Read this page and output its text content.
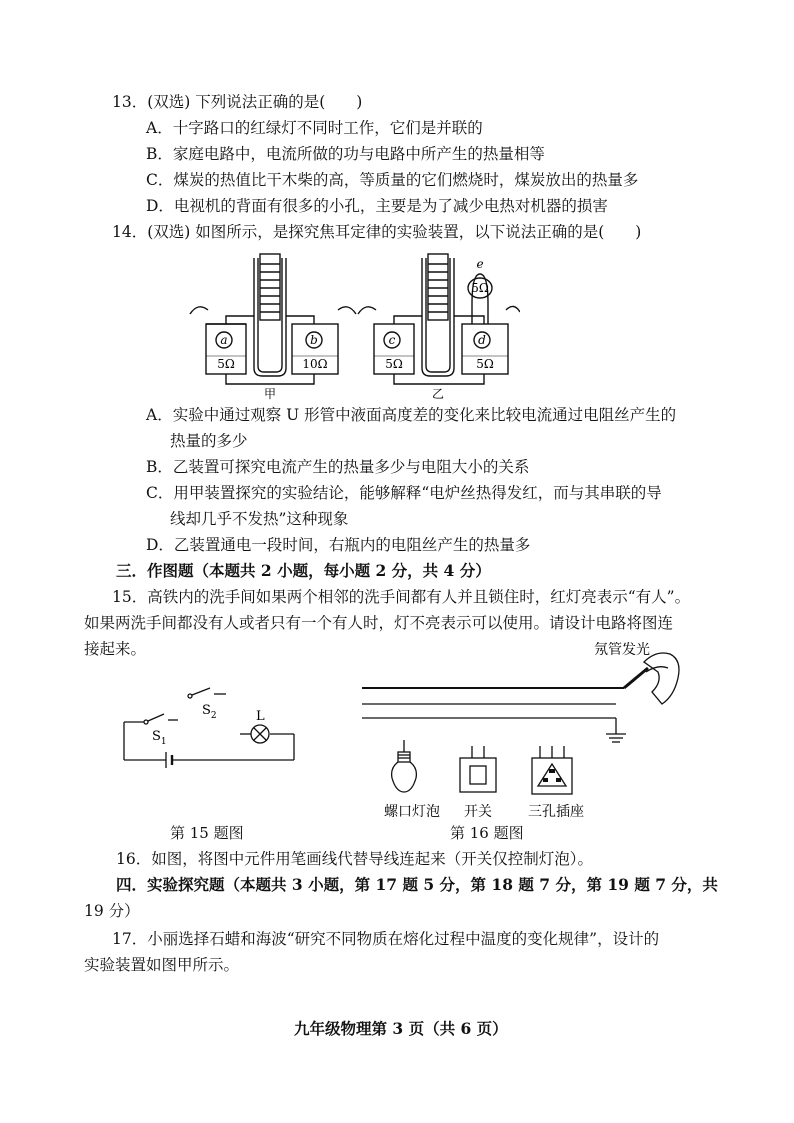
13．(双选) 下列说法正确的是(　　)
A．十字路口的红绿灯不同时工作，它们是并联的
B．家庭电路中，电流所做的功与电路中所产生的热量相等
C．煤炭的热值比干木柴的高，等质量的它们燃烧时，煤炭放出的热量多
D．电视机的背面有很多的小孔，主要是为了减少电热对机器的损害
14．(双选) 如图所示，是探究焦耳定律的实验装置，以下说法正确的是(　　)
a	b	c	d
e
5Ω	10Ω	5Ω	5Ω
5Ω
甲	乙
A．实验中通过观察 U 形管中液面高度差的变化来比较电流通过电阻丝产生的
热量的多少
B．乙装置可探究电流产生的热量多少与电阻大小的关系
C．用甲装置探究的实验结论，能够解释“电炉丝热得发红，而与其串联的导
线却几乎不发热”这种现象
D．乙装置通电一段时间，右瓶内的电阻丝产生的热量多
三．作图题（本题共 2 小题，每小题 2 分，共 4 分）
15．高铁内的洗手间如果两个相邻的洗手间都有人并且锁住时，红灯亮表示“有人”。
如果两洗手间都没有人或者只有一个有人时，灯不亮表示可以使用。请设计电路将图连
接起来。
$S_2$
$S_1$
L
氖管发光
螺口灯泡 开关	三孔插座
第 15 题图	第 16 题图
16．如图，将图中元件用笔画线代替导线连起来（开关仅控制灯泡）。
四．实验探究题（本题共 3 小题，第 17 题 5 分，第 18 题 7 分，第 19 题 7 分，共
19 分）
17．小丽选择石蜡和海波“研究不同物质在熔化过程中温度的变化规律”，设计的
实验装置如图甲所示。
九年级物理第 3 页（共 6 页）
